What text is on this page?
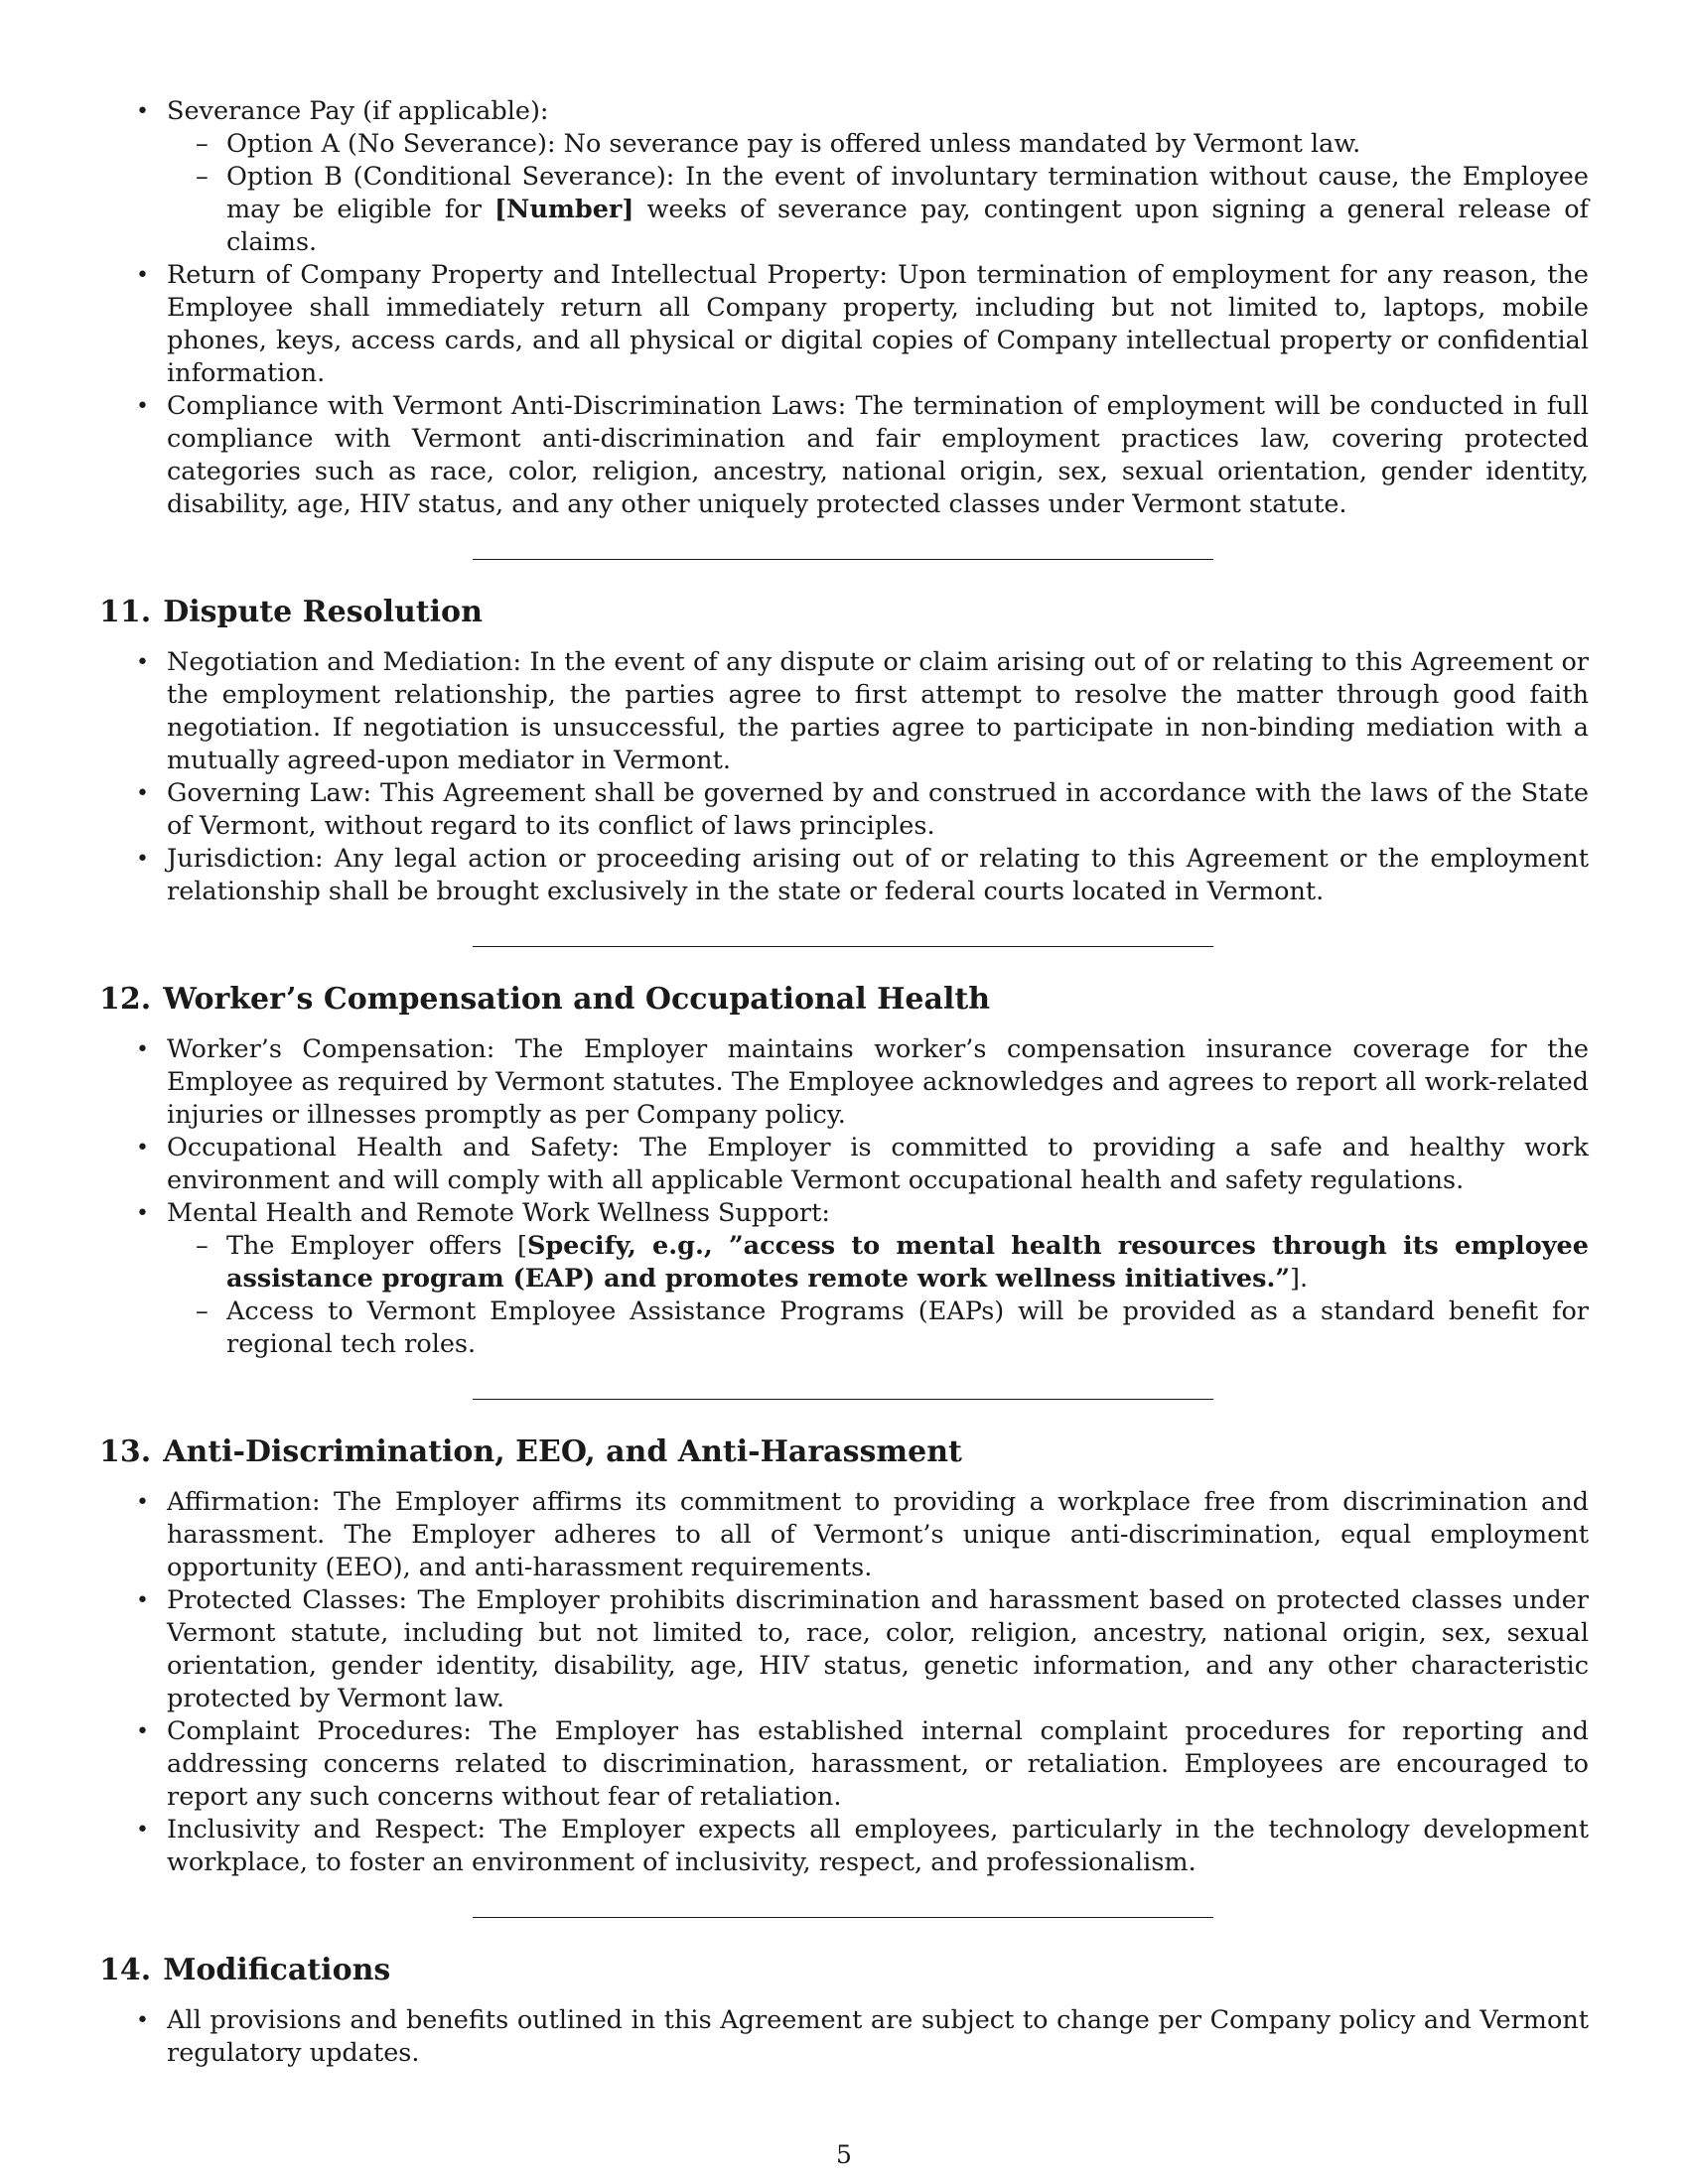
• Severance Pay (if applicable):
– Option A (No Severance): No severance pay is offered unless mandated by Vermont law.
– Option B (Conditional Severance): In the event of involuntary termination without cause, the Employee may be eligible for [Number] weeks of severance pay, contingent upon signing a general release of claims.
• Return of Company Property and Intellectual Property: Upon termination of employment for any reason, the Employee shall immediately return all Company property, including but not limited to, laptops, mobile phones, keys, access cards, and all physical or digital copies of Company intellectual property or confidential information.
• Compliance with Vermont Anti-Discrimination Laws: The termination of employment will be conducted in full compliance with Vermont anti-discrimination and fair employment practices law, covering protected categories such as race, color, religion, ancestry, national origin, sex, sexual orientation, gender identity, disability, age, HIV status, and any other uniquely protected classes under Vermont statute.
11. Dispute Resolution
• Negotiation and Mediation: In the event of any dispute or claim arising out of or relating to this Agreement or the employment relationship, the parties agree to first attempt to resolve the matter through good faith negotiation. If negotiation is unsuccessful, the parties agree to participate in non-binding mediation with a mutually agreed-upon mediator in Vermont.
• Governing Law: This Agreement shall be governed by and construed in accordance with the laws of the State of Vermont, without regard to its conflict of laws principles.
• Jurisdiction: Any legal action or proceeding arising out of or relating to this Agreement or the employment relationship shall be brought exclusively in the state or federal courts located in Vermont.
12. Worker’s Compensation and Occupational Health
• Worker’s Compensation: The Employer maintains worker’s compensation insurance coverage for the Employee as required by Vermont statutes. The Employee acknowledges and agrees to report all work-related injuries or illnesses promptly as per Company policy.
• Occupational Health and Safety: The Employer is committed to providing a safe and healthy work environment and will comply with all applicable Vermont occupational health and safety regulations.
• Mental Health and Remote Work Wellness Support:
– The Employer offers [Specify, e.g., ”access to mental health resources through its employee assistance program (EAP) and promotes remote work wellness initiatives.”].
– Access to Vermont Employee Assistance Programs (EAPs) will be provided as a standard benefit for regional tech roles.
13. Anti-Discrimination, EEO, and Anti-Harassment
• Affirmation: The Employer affirms its commitment to providing a workplace free from discrimination and harassment. The Employer adheres to all of Vermont’s unique anti-discrimination, equal employment opportunity (EEO), and anti-harassment requirements.
• Protected Classes: The Employer prohibits discrimination and harassment based on protected classes under Vermont statute, including but not limited to, race, color, religion, ancestry, national origin, sex, sexual orientation, gender identity, disability, age, HIV status, genetic information, and any other characteristic protected by Vermont law.
• Complaint Procedures: The Employer has established internal complaint procedures for reporting and addressing concerns related to discrimination, harassment, or retaliation. Employees are encouraged to report any such concerns without fear of retaliation.
• Inclusivity and Respect: The Employer expects all employees, particularly in the technology development workplace, to foster an environment of inclusivity, respect, and professionalism.
14. Modifications
• All provisions and benefits outlined in this Agreement are subject to change per Company policy and Vermont regulatory updates.
5
